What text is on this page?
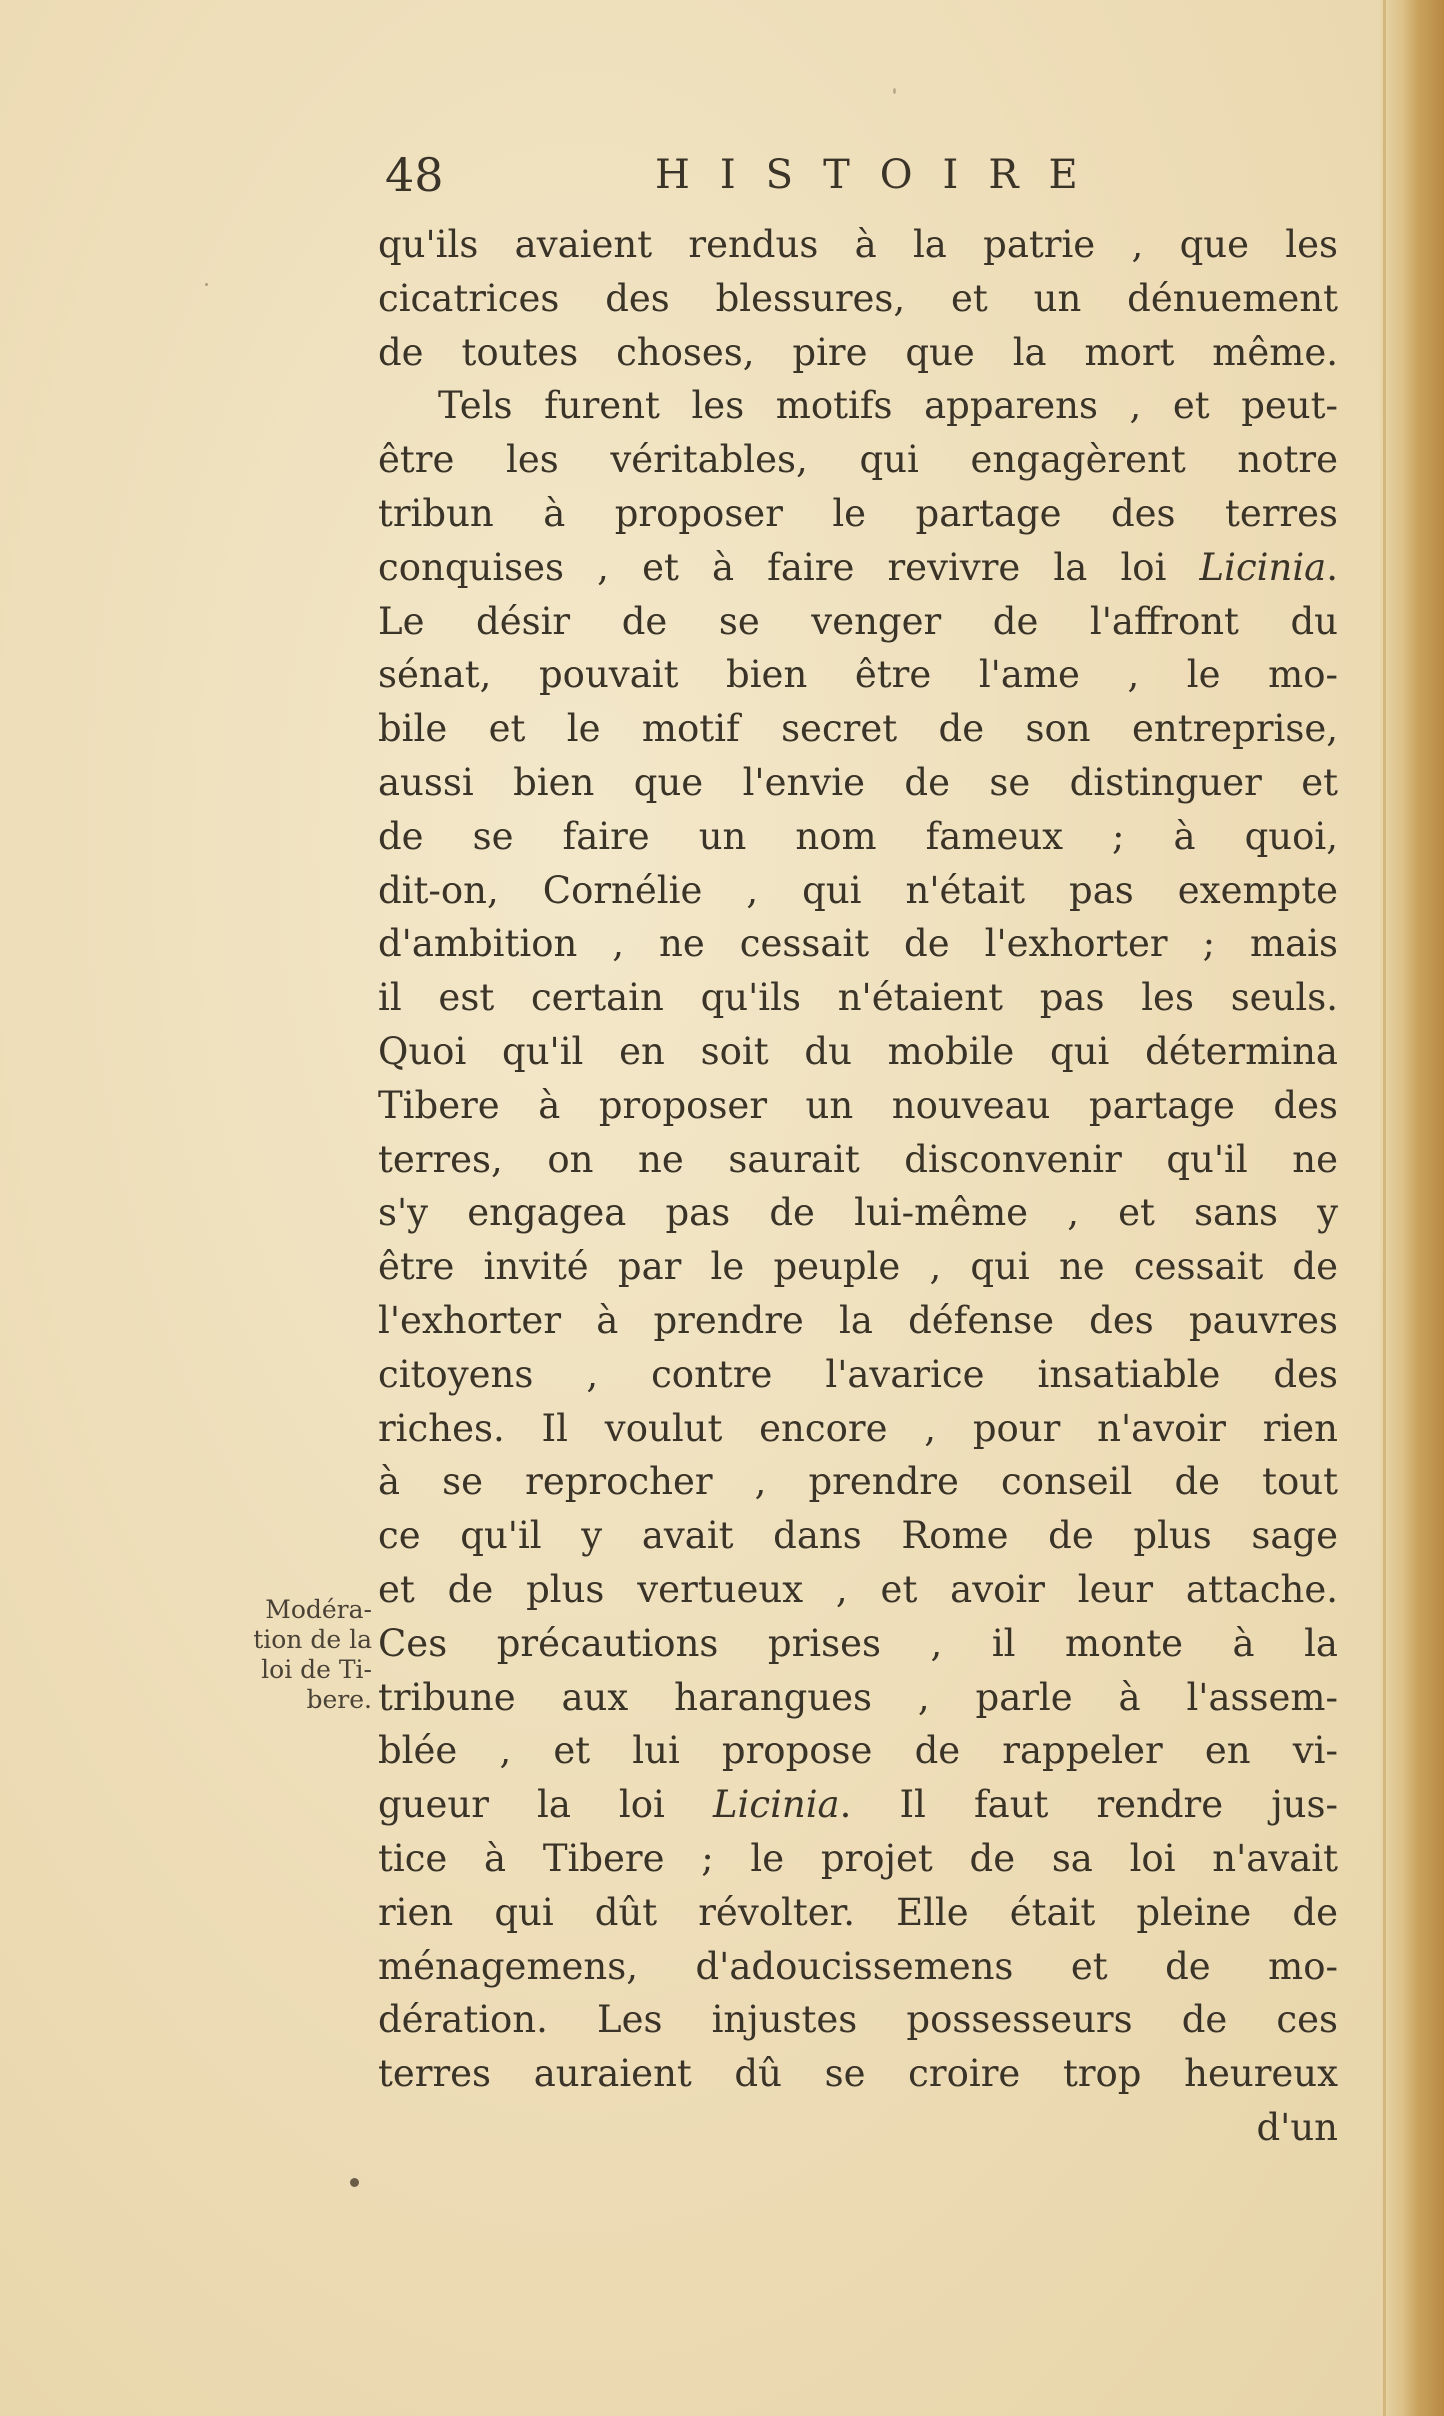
48	HISTOIRE
qu'ils avaient rendus à la patrie , que les
cicatrices des blessures, et un dénuement
de toutes choses, pire que la mort même.
Tels furent les motifs apparens , et peut-
être les véritables, qui engagèrent notre
tribun à proposer le partage des terres
conquises , et à faire revivre la loi Licinia.
Le désir de se venger de l'affront du
sénat, pouvait bien être l'ame , le mo-
bile et le motif secret de son entreprise,
aussi bien que l'envie de se distinguer et
de se faire un nom fameux ; à quoi,
dit-on, Cornélie , qui n'était pas exempte
d'ambition , ne cessait de l'exhorter ; mais
il est certain qu'ils n'étaient pas les seuls.
Quoi qu'il en soit du mobile qui détermina
Tibere à proposer un nouveau partage des
terres, on ne saurait disconvenir qu'il ne
s'y engagea pas de lui-même , et sans y
être invité par le peuple , qui ne cessait de
l'exhorter à prendre la défense des pauvres
citoyens , contre l'avarice insatiable des
riches. Il voulut encore , pour n'avoir rien
à se reprocher , prendre conseil de tout
ce qu'il y avait dans Rome de plus sage
et de plus vertueux , et avoir leur attache.
Ces précautions prises , il monte à la
tribune aux harangues , parle à l'assem-
blée , et lui propose de rappeler en vi-
gueur la loi Licinia. Il faut rendre jus-
tice à Tibere ; le projet de sa loi n'avait
rien qui dût révolter. Elle était pleine de
ménagemens, d'adoucissemens et de mo-
dération. Les injustes possesseurs de ces
terres auraient dû se croire trop heureux
d'un
Modéra-
tion de la
loi de Ti-
bere.
